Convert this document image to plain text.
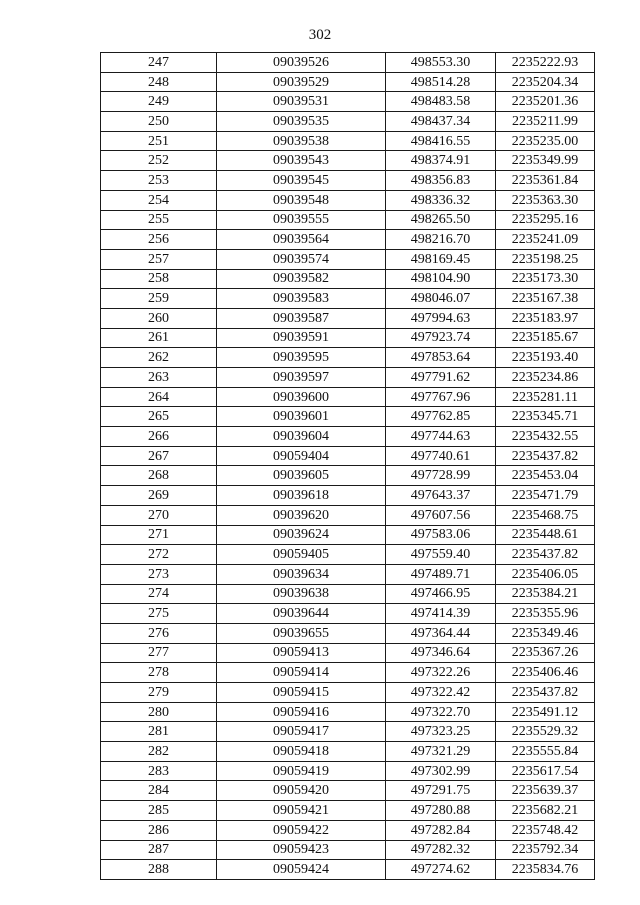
302
247	09039526	498553.30	2235222.93
248	09039529	498514.28	2235204.34
249	09039531	498483.58	2235201.36
250	09039535	498437.34	2235211.99
251	09039538	498416.55	2235235.00
252	09039543	498374.91	2235349.99
253	09039545	498356.83	2235361.84
254	09039548	498336.32	2235363.30
255	09039555	498265.50	2235295.16
256	09039564	498216.70	2235241.09
257	09039574	498169.45	2235198.25
258	09039582	498104.90	2235173.30
259	09039583	498046.07	2235167.38
260	09039587	497994.63	2235183.97
261	09039591	497923.74	2235185.67
262	09039595	497853.64	2235193.40
263	09039597	497791.62	2235234.86
264	09039600	497767.96	2235281.11
265	09039601	497762.85	2235345.71
266	09039604	497744.63	2235432.55
267	09059404	497740.61	2235437.82
268	09039605	497728.99	2235453.04
269	09039618	497643.37	2235471.79
270	09039620	497607.56	2235468.75
271	09039624	497583.06	2235448.61
272	09059405	497559.40	2235437.82
273	09039634	497489.71	2235406.05
274	09039638	497466.95	2235384.21
275	09039644	497414.39	2235355.96
276	09039655	497364.44	2235349.46
277	09059413	497346.64	2235367.26
278	09059414	497322.26	2235406.46
279	09059415	497322.42	2235437.82
280	09059416	497322.70	2235491.12
281	09059417	497323.25	2235529.32
282	09059418	497321.29	2235555.84
283	09059419	497302.99	2235617.54
284	09059420	497291.75	2235639.37
285	09059421	497280.88	2235682.21
286	09059422	497282.84	2235748.42
287	09059423	497282.32	2235792.34
288	09059424	497274.62	2235834.76
